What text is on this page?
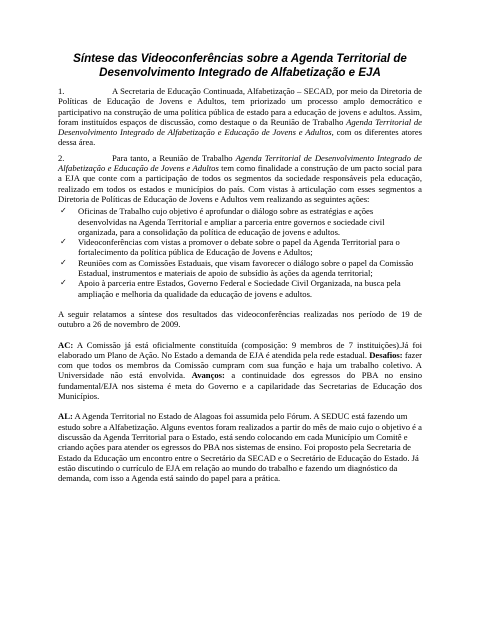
Síntese das Videoconferências sobre a Agenda Territorial de
Desenvolvimento Integrado de Alfabetização e EJA

1.	A Secretaria de Educação Continuada, Alfabetização – SECAD, por meio da Diretoria de Políticas de Educação de Jovens e Adultos, tem priorizado um processo amplo democrático e participativo na construção de uma política pública de estado para a educação de jovens e adultos. Assim, foram instituídos espaços de discussão, como destaque o da Reunião de Trabalho Agenda Territorial de Desenvolvimento Integrado de Alfabetização e Educação de Jovens e Adultos, com os diferentes atores dessa área.

2.	Para tanto, a Reunião de Trabalho Agenda Territorial de Desenvolvimento Integrado de Alfabetização e Educação de Jovens e Adultos tem como finalidade a construção de um pacto social para a EJA que conte com a participação de todos os segmentos da sociedade responsáveis pela educação, realizado em todos os estados e municípios do país. Com vistas à articulação com esses segmentos a Diretoria de Políticas de Educação de Jovens e Adultos vem realizando as seguintes ações:

✓ Oficinas de Trabalho cujo objetivo é aprofundar o diálogo sobre as estratégias e ações desenvolvidas na Agenda Territorial e ampliar a parceria entre governos e sociedade civil organizada, para a consolidação da política de educação de jovens e adultos.
✓ Videoconferências com vistas a promover o debate sobre o papel da Agenda Territorial para o fortalecimento da política pública de Educação de Jovens e Adultos;
✓ Reuniões com as Comissões Estaduais, que visam favorecer o diálogo sobre o papel da Comissão Estadual, instrumentos e materiais de apoio de subsídio às ações da agenda territorial;
✓ Apoio à parceria entre Estados, Governo Federal e Sociedade Civil Organizada, na busca pela ampliação e melhoria da qualidade da educação de jovens e adultos.

A seguir relatamos a síntese dos resultados das videoconferências realizadas nos período de 19 de outubro a 26 de novembro de 2009.

AC: A Comissão já está oficialmente constituída (composição: 9 membros de 7 instituições).Já foi elaborado um Plano de Ação. No Estado a demanda de EJA é atendida pela rede estadual. Desafios: fazer com que todos os membros da Comissão cumpram com sua função e haja um trabalho coletivo. A Universidade não está envolvida. Avanços: a continuidade dos egressos do PBA no ensino fundamental/EJA nos sistema é meta do Governo e a capilaridade das Secretarias de Educação dos Municípios.

AL: A Agenda Territorial no Estado de Alagoas foi assumida pelo Fórum. A SEDUC está fazendo um estudo sobre a Alfabetização. Alguns eventos foram realizados a partir do mês de maio cujo o objetivo é a discussão da Agenda Territorial para o Estado, está sendo colocando em cada Município um Comitê e criando ações para atender os egressos do PBA nos sistemas de ensino. Foi proposto pela Secretaria de Estado da Educação um encontro entre o Secretário da SECAD e o Secretário de Educação do Estado. Já estão discutindo o currículo de EJA em relação ao mundo do trabalho e fazendo um diagnóstico da demanda, com isso a Agenda está saindo do papel para a prática.
